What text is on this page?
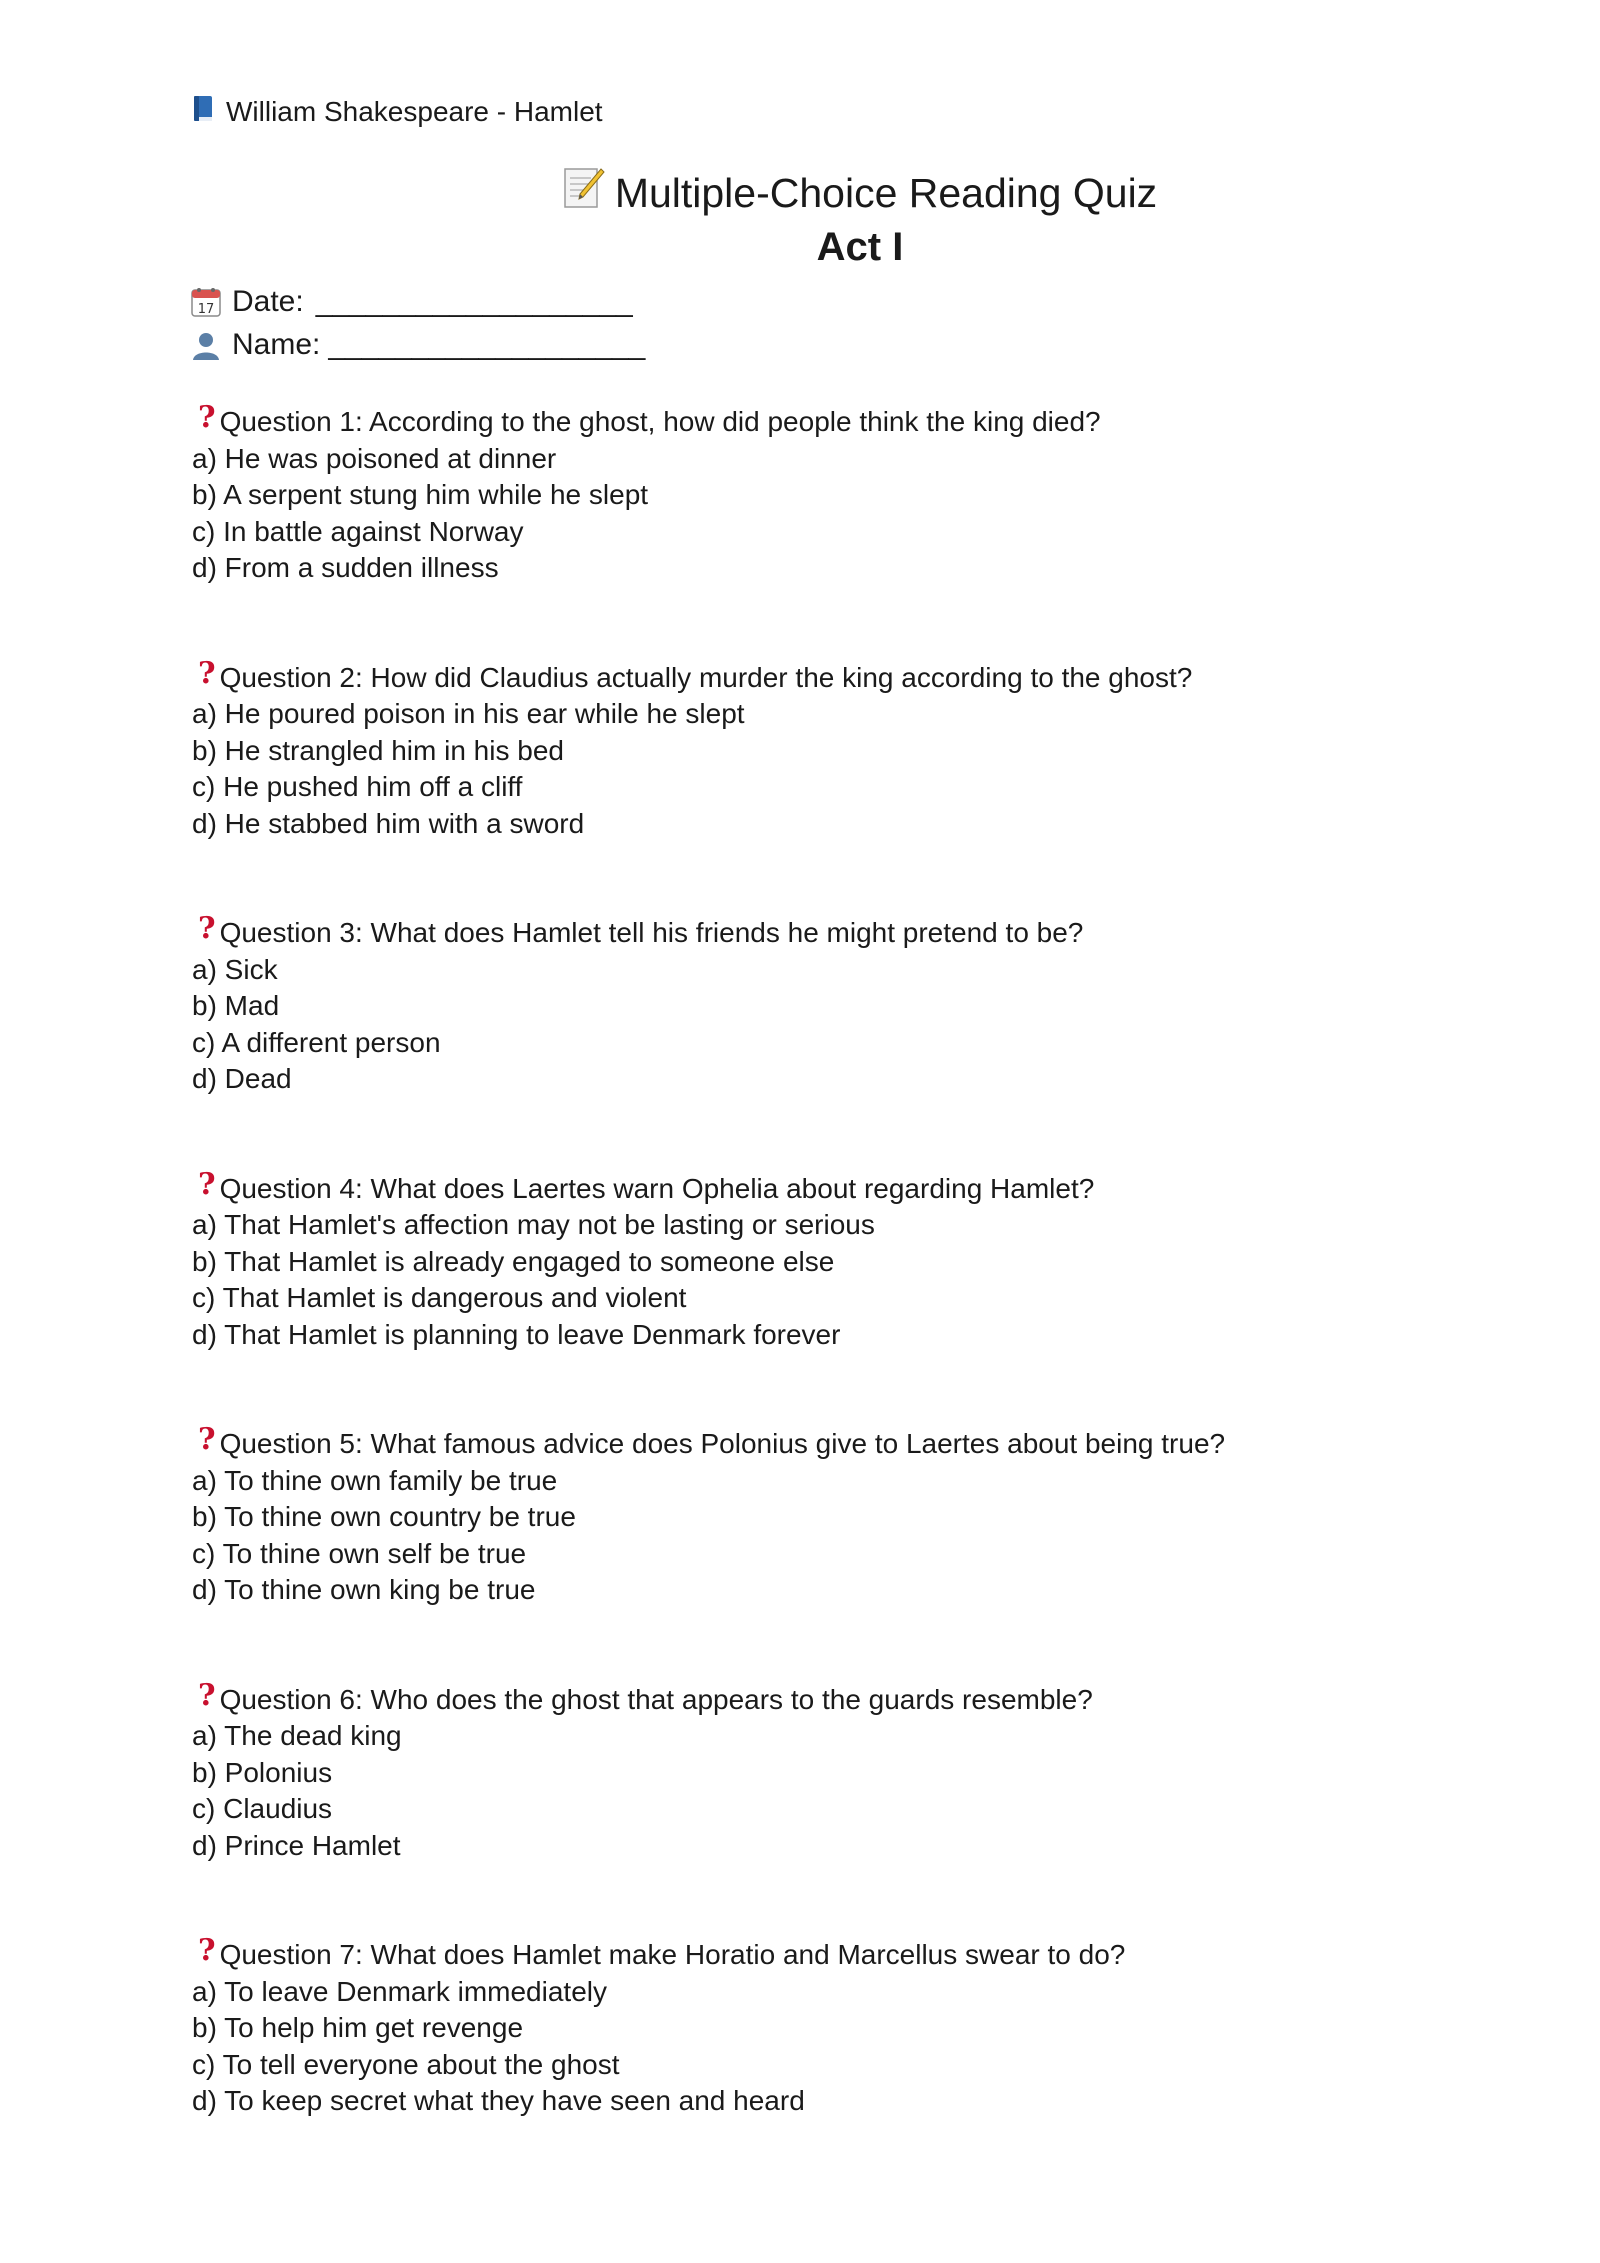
William Shakespeare - Hamlet
Multiple-Choice Reading Quiz
Act I
17 Date: ___________________
Name: ___________________
? Question 1: According to the ghost, how did people think the king died?
a) He was poisoned at dinner
b) A serpent stung him while he slept
c) In battle against Norway
d) From a sudden illness
? Question 2: How did Claudius actually murder the king according to the ghost?
a) He poured poison in his ear while he slept
b) He strangled him in his bed
c) He pushed him off a cliff
d) He stabbed him with a sword
? Question 3: What does Hamlet tell his friends he might pretend to be?
a) Sick
b) Mad
c) A different person
d) Dead
? Question 4: What does Laertes warn Ophelia about regarding Hamlet?
a) That Hamlet's affection may not be lasting or serious
b) That Hamlet is already engaged to someone else
c) That Hamlet is dangerous and violent
d) That Hamlet is planning to leave Denmark forever
? Question 5: What famous advice does Polonius give to Laertes about being true?
a) To thine own family be true
b) To thine own country be true
c) To thine own self be true
d) To thine own king be true
? Question 6: Who does the ghost that appears to the guards resemble?
a) The dead king
b) Polonius
c) Claudius
d) Prince Hamlet
? Question 7: What does Hamlet make Horatio and Marcellus swear to do?
a) To leave Denmark immediately
b) To help him get revenge
c) To tell everyone about the ghost
d) To keep secret what they have seen and heard
